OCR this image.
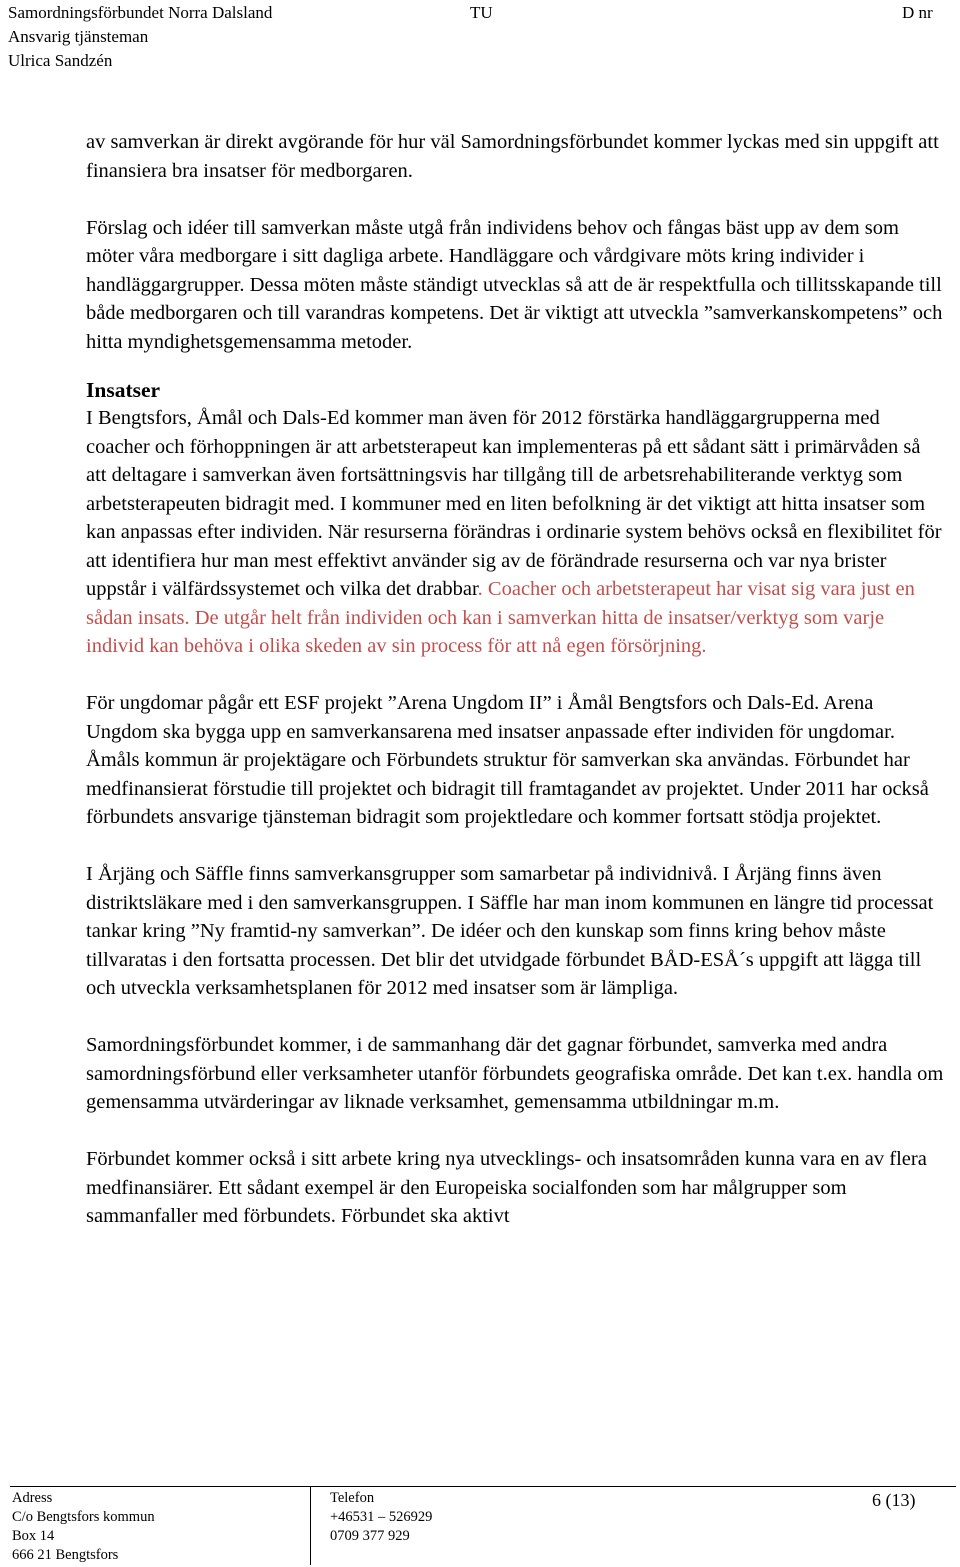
Samordningsförbundet Norra Dalsland	TU	D nr
Ansvarig tjänsteman
Ulrica Sandzén

av samverkan är direkt avgörande för hur väl Samordningsförbundet kommer lyckas med sin uppgift att finansiera bra insatser för medborgaren.

Förslag och idéer till samverkan måste utgå från individens behov och fångas bäst upp av dem som möter våra medborgare i sitt dagliga arbete. Handläggare och vårdgivare möts kring individer i handläggargrupper. Dessa möten måste ständigt utvecklas så att de är respektfulla och tillitsskapande till både medborgaren och till varandras kompetens. Det är viktigt att utveckla ”samverkanskompetens” och hitta myndighetsgemensamma metoder.

Insatser

I Bengtsfors, Åmål och Dals-Ed kommer man även för 2012 förstärka handläggargrupperna med coacher och förhoppningen är att arbetsterapeut kan implementeras på ett sådant sätt i primärvåden så att deltagare i samverkan även fortsättningsvis har tillgång till de arbetsrehabiliterande verktyg som arbetsterapeuten bidragit med. I kommuner med en liten befolkning är det viktigt att hitta insatser som kan anpassas efter individen. När resurserna förändras i ordinarie system behövs också en flexibilitet för att identifiera hur man mest effektivt använder sig av de förändrade resurserna och var nya brister uppstår i välfärdssystemet och vilka det drabbar. Coacher och arbetsterapeut har visat sig vara just en sådan insats. De utgår helt från individen och kan i samverkan hitta de insatser/verktyg som varje individ kan behöva i olika skeden av sin process för att nå egen försörjning.

För ungdomar pågår ett ESF projekt ”Arena Ungdom II” i Åmål Bengtsfors och Dals-Ed. Arena Ungdom ska bygga upp en samverkansarena med insatser anpassade efter individen för ungdomar. Åmåls kommun är projektägare och Förbundets struktur för samverkan ska användas. Förbundet har medfinansierat förstudie till projektet och bidragit till framtagandet av projektet. Under 2011 har också förbundets ansvarige tjänsteman bidragit som projektledare och kommer fortsatt stödja projektet.

I Årjäng och Säffle finns samverkansgrupper som samarbetar på individnivå. I Årjäng finns även distriktsläkare med i den samverkansgruppen. I Säffle har man inom kommunen en längre tid processat tankar kring ”Ny framtid-ny samverkan”. De idéer och den kunskap som finns kring behov måste tillvaratas i den fortsatta processen. Det blir det utvidgade förbundet BÅD-ESÅ´s uppgift att lägga till och utveckla verksamhetsplanen för 2012 med insatser som är lämpliga.

Samordningsförbundet kommer, i de sammanhang där det gagnar förbundet, samverka med andra samordningsförbund eller verksamheter utanför förbundets geografiska område. Det kan t.ex. handla om gemensamma utvärderingar av liknade verksamhet, gemensamma utbildningar m.m.

Förbundet kommer också i sitt arbete kring nya utvecklings- och insatsområden kunna vara en av flera medfinansiärer. Ett sådant exempel är den Europeiska socialfonden som har målgrupper som sammanfaller med förbundets. Förbundet ska aktivt

Adress
C/o Bengtsfors kommun
Box 14
666 21 Bengtsfors
Telefon
+46531 – 526929
0709 377 929
6 (13)
